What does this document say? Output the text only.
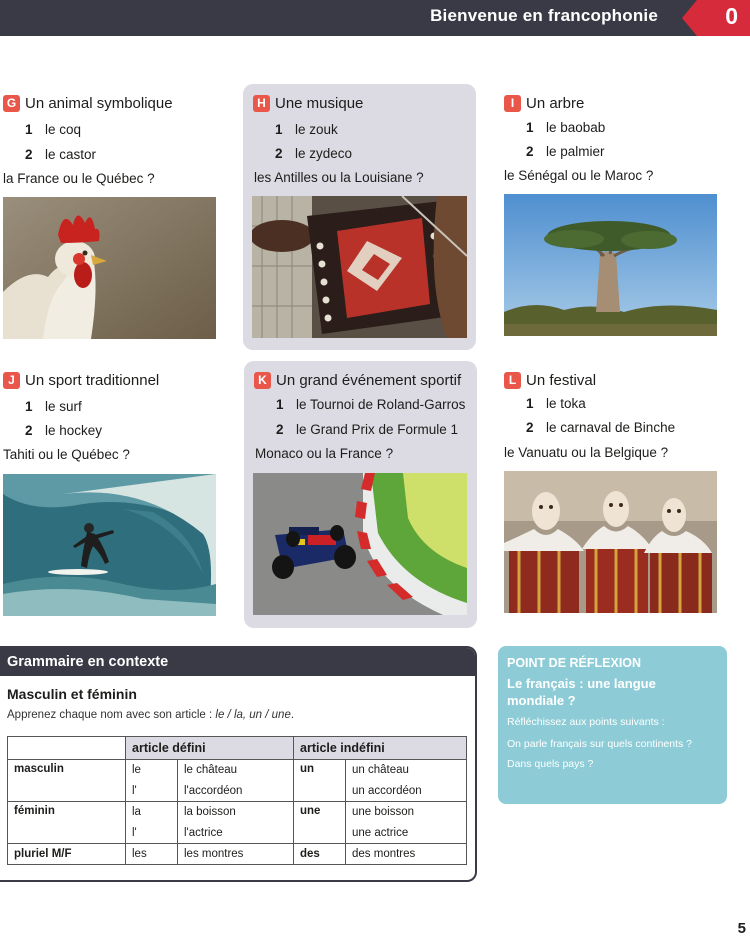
Bienvenue en francophonie	0
G Un animal symbolique
1 le coq
2 le castor
la France ou le Québec ?
H Une musique
1 le zouk
2 le zydeco
les Antilles ou la Louisiane ?
I Un arbre
1 le baobab
2 le palmier
le Sénégal ou le Maroc ?
J Un sport traditionnel
1 le surf
2 le hockey
Tahiti ou le Québec ?
K Un grand événement sportif
1 le Tournoi de Roland-Garros
2 le Grand Prix de Formule 1
Monaco ou la France ?
L Un festival
1 le toka
2 le carnaval de Binche
le Vanuatu ou la Belgique ?
Grammaire en contexte
Masculin et féminin
Apprenez chaque nom avec son article : le / la, un / une.
	article défini		article indéfini	
masculin	le	le château	un	un château
	l'	l'accordéon		un accordéon
féminin	la	la boisson	une	une boisson
	l'	l'actrice		une actrice
pluriel M/F	les	les montres	des	des montres
POINT DE RÉFLEXION
Le français : une langue mondiale ?
Réfléchissez aux points suivants :
On parle français sur quels continents ?
Dans quels pays ?
5
